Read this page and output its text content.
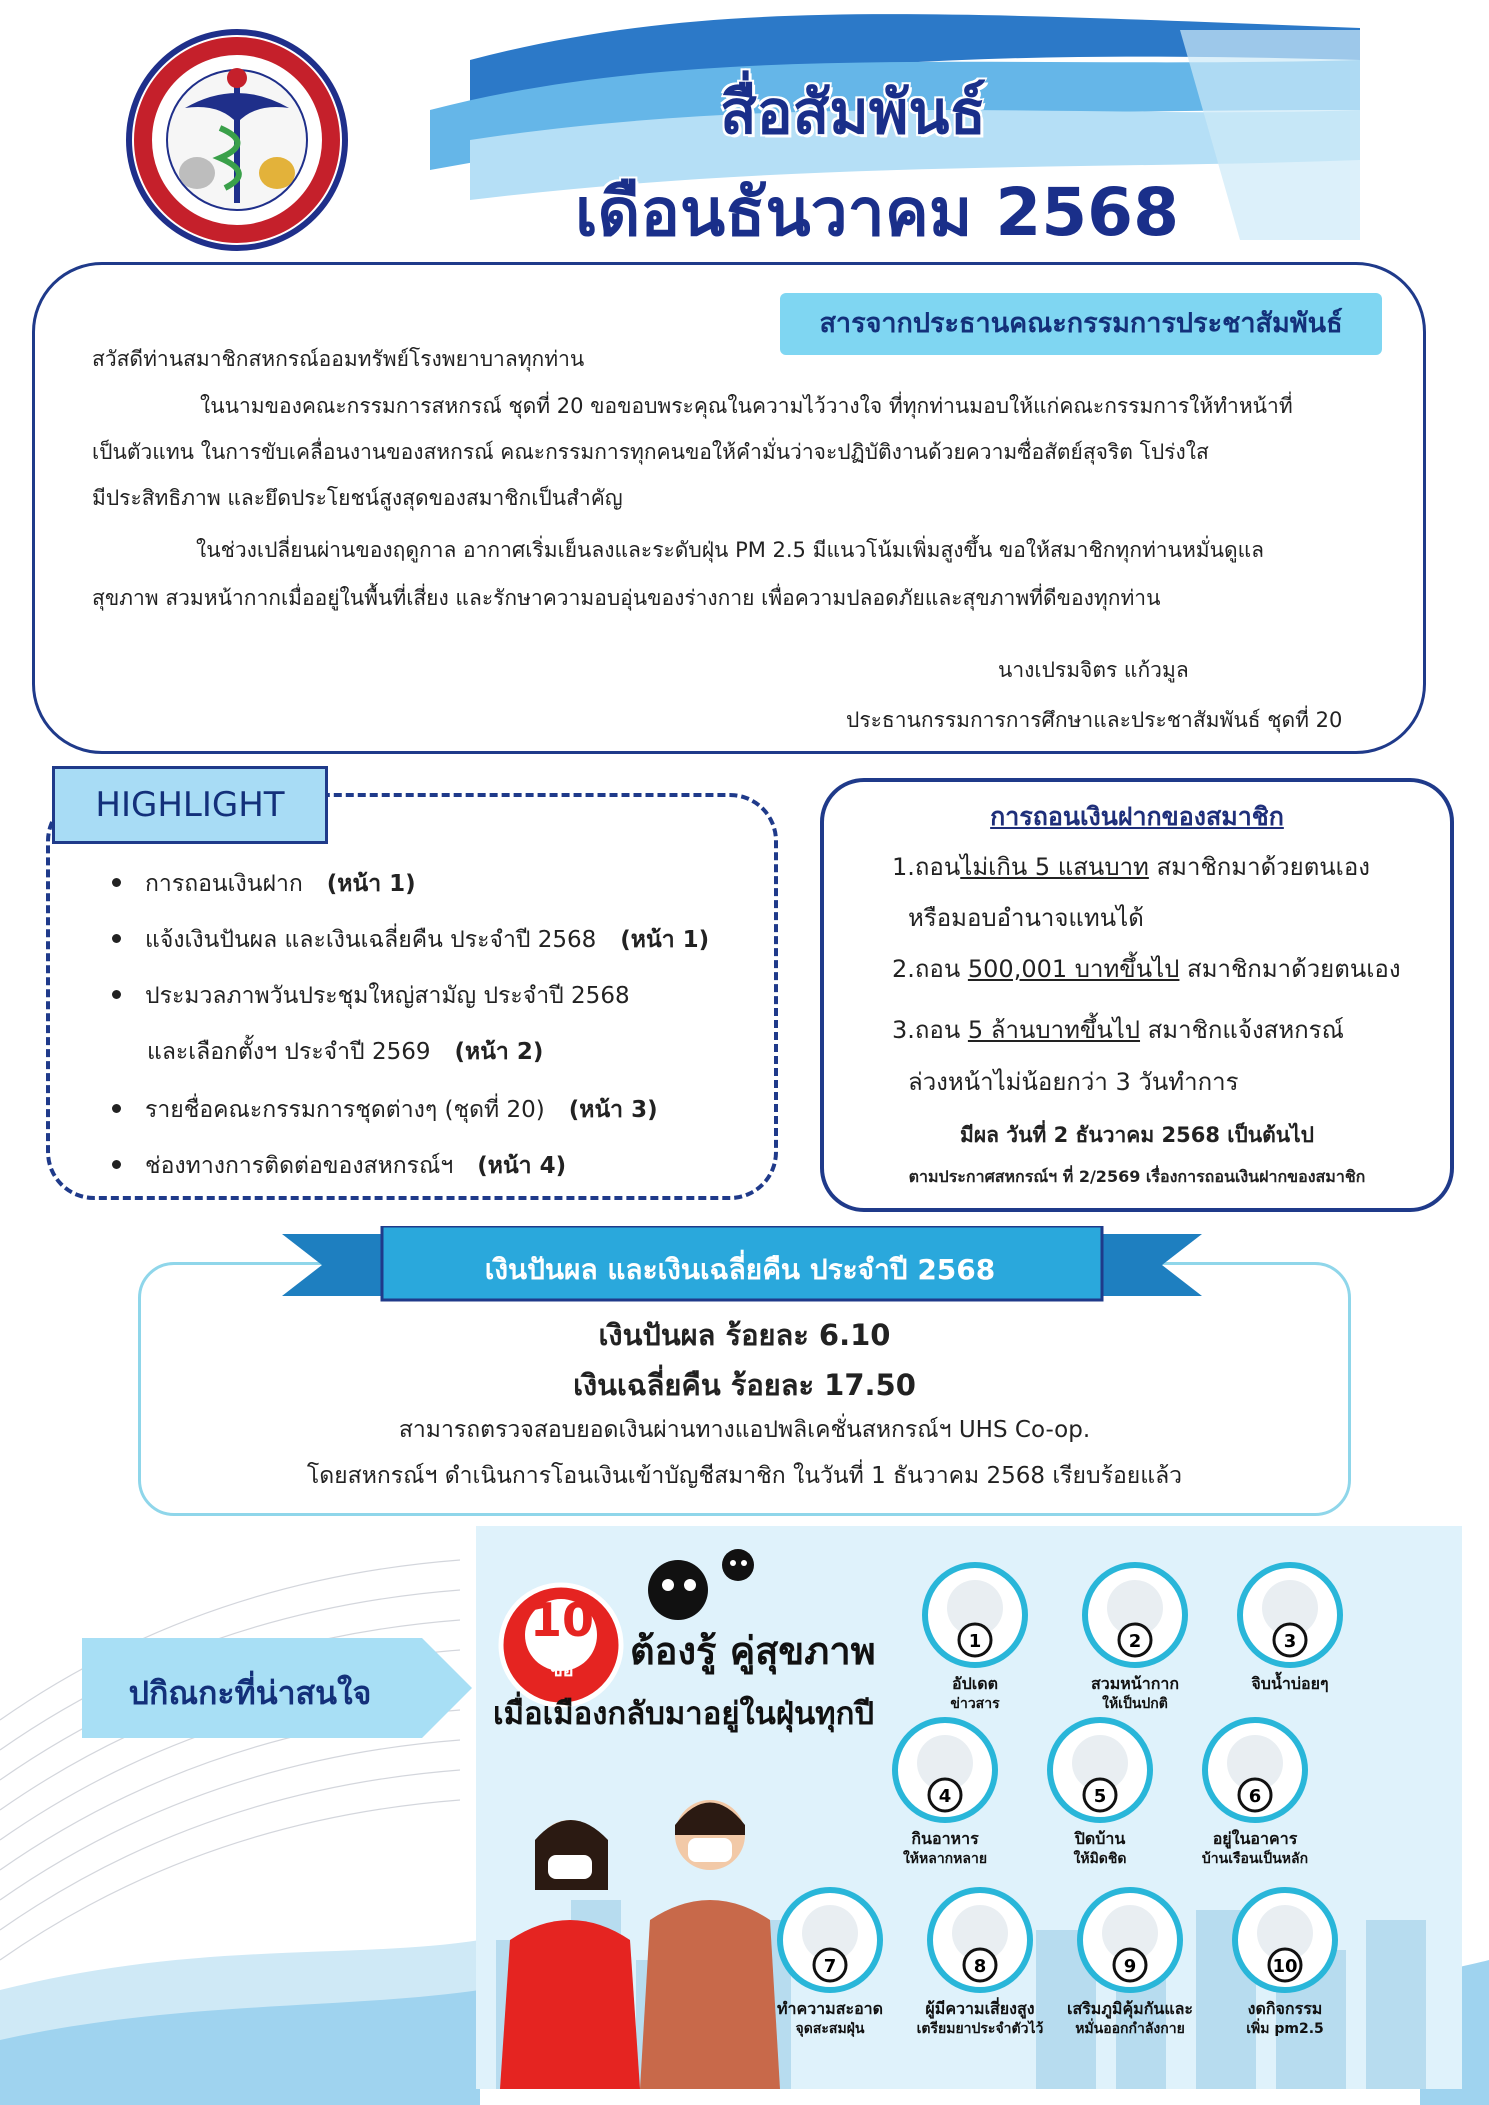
สื่อสัมพันธ์
เดือนธันวาคม 2568
สารจากประธานคณะกรรมการประชาสัมพันธ์
สวัสดีท่านสมาชิกสหกรณ์ออมทรัพย์โรงพยาบาลทุกท่าน
ในนามของคณะกรรมการสหกรณ์ ชุดที่ 20 ขอขอบพระคุณในความไว้วางใจ ที่ทุกท่านมอบให้แก่คณะกรรมการให้ทำหน้าที่
เป็นตัวแทน ในการขับเคลื่อนงานของสหกรณ์ คณะกรรมการทุกคนขอให้คำมั่นว่าจะปฏิบัติงานด้วยความซื่อสัตย์สุจริต โปร่งใส
มีประสิทธิภาพ และยึดประโยชน์สูงสุดของสมาชิกเป็นสำคัญ
ในช่วงเปลี่ยนผ่านของฤดูกาล อากาศเริ่มเย็นลงและระดับฝุ่น PM 2.5 มีแนวโน้มเพิ่มสูงขึ้น ขอให้สมาชิกทุกท่านหมั่นดูแล
สุขภาพ สวมหน้ากากเมื่ออยู่ในพื้นที่เสี่ยง และรักษาความอบอุ่นของร่างกาย เพื่อความปลอดภัยและสุขภาพที่ดีของทุกท่าน
นางเปรมจิตร แก้วมูล
ประธานกรรมการการศึกษาและประชาสัมพันธ์ ชุดที่ 20
HIGHLIGHT
การถอนเงินฝาก (หน้า 1)
แจ้งเงินปันผล และเงินเฉลี่ยคืน ประจำปี 2568 (หน้า 1)
ประมวลภาพวันประชุมใหญ่สามัญ ประจำปี 2568
และเลือกตั้งฯ ประจำปี 2569 (หน้า 2)
รายชื่อคณะกรรมการชุดต่างๆ (ชุดที่ 20) (หน้า 3)
ช่องทางการติดต่อของสหกรณ์ฯ (หน้า 4)
การถอนเงินฝากของสมาชิก
1.ถอนไม่เกิน 5 แสนบาท สมาชิกมาด้วยตนเอง
หรือมอบอำนาจแทนได้
2.ถอน 500,001 บาทขึ้นไป สมาชิกมาด้วยตนเอง
3.ถอน 5 ล้านบาทขึ้นไป สมาชิกแจ้งสหกรณ์
ล่วงหน้าไม่น้อยกว่า 3 วันทำการ
มีผล วันที่ 2 ธันวาคม 2568 เป็นต้นไป
ตามประกาศสหกรณ์ฯ ที่ 2/2569 เรื่องการถอนเงินฝากของสมาชิก
เงินปันผล และเงินเฉลี่ยคืน ประจำปี 2568
เงินปันผล ร้อยละ 6.10
เงินเฉลี่ยคืน ร้อยละ 17.50
สามารถตรวจสอบยอดเงินผ่านทางแอปพลิเคชั่นสหกรณ์ฯ UHS Co-op.
โดยสหกรณ์ฯ ดำเนินการโอนเงินเข้าบัญชีสมาชิก ในวันที่ 1 ธันวาคม 2568 เรียบร้อยแล้ว
ปกิณกะที่น่าสนใจ
10
ข้อ	ต้องรู้ คู่สุขภาพ
เมื่อเมืองกลับมาอยู่ในฝุ่นทุกปี
1
อัปเดต
ข่าวสาร
2
สวมหน้ากาก
ให้เป็นปกติ
3
จิบน้ำบ่อยๆ
4
กินอาหาร
ให้หลากหลาย
5
ปิดบ้าน
ให้มิดชิด
6
อยู่ในอาคาร
บ้านเรือนเป็นหลัก
7
ทำความสะอาด
จุดสะสมฝุ่น
8
ผู้มีความเสี่ยงสูง
เตรียมยาประจำตัวไว้
9
เสริมภูมิคุ้มกันและ
หมั่นออกกำลังกาย
10
งดกิจกรรม
เพิ่ม pm2.5
